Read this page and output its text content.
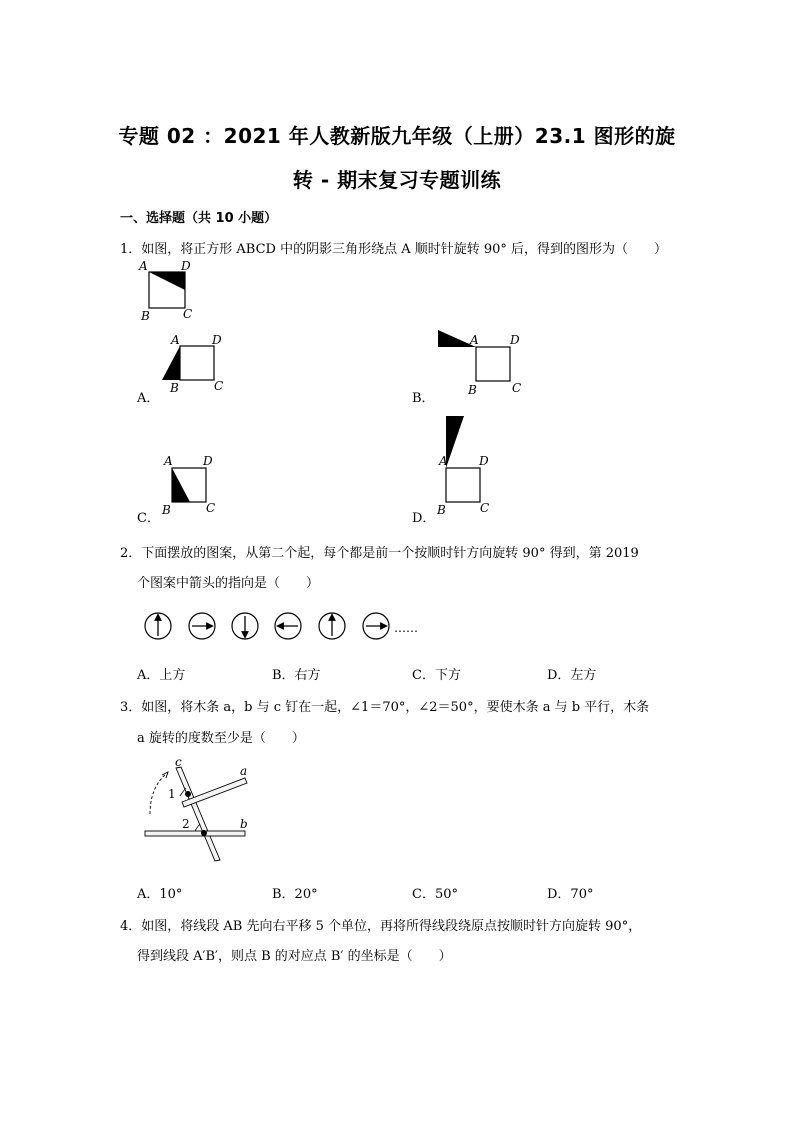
专题 02 ：2021 年人教新版九年级（上册）23.1 图形的旋
转 - 期末复习专题训练
一、选择题（共 10 小题）
1．如图，将正方形 ABCD 中的阴影三角形绕点 A 顺时针旋转 90° 后，得到的图形为（　　）
A	D
B	C
A	D
B	C
A	D
B	C
A	D
B	C
A	D
B	C
A．	B．
C．	D．
2．下面摆放的图案，从第二个起，每个都是前一个按顺时针方向旋转 90° 得到，第 2019
个图案中箭头的指向是（　　）
……
A．上方	B．右方	C．下方	D．左方
3．如图，将木条 a，b 与 c 钉在一起，∠1＝70°，∠2＝50°，要使木条 a 与 b 平行，木条
a 旋转的度数至少是（　　）
1
2
c
a
b
A．10°	B．20°	C．50°	D．70°
4．如图，将线段 AB 先向右平移 5 个单位，再将所得线段绕原点按顺时针方向旋转 90°，
得到线段 A′B′，则点 B 的对应点 B′ 的坐标是（　　）
